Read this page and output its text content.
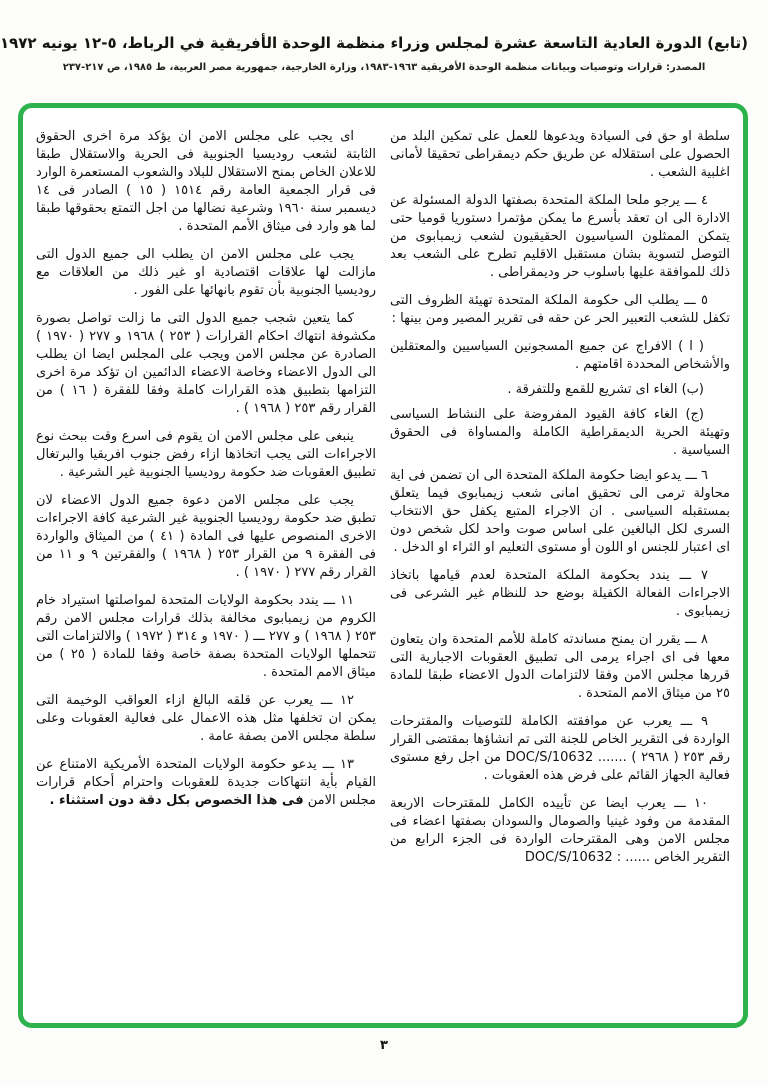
(تابع) الدورة العادية التاسعة عشرة لمجلس وزراء منظمة الوحدة الأفريقية في الرباط، ٥-١٢ يونيه ١٩٧٢
المصدر: قرارات وتوصيات وبيانات منظمة الوحدة الأفريقية ١٩٦٣-١٩٨٣، وزارة الخارجية، جمهورية مصر العربية، ط ١٩٨٥، ص ٢١٧-٢٣٧

سلطة او حق فى السيادة ويدعوها للعمل على تمكين البلد من الحصول على استقلاله عن طريق حكم ديمقراطى تحقيقا لأمانى اغلبية الشعب .

٤ ـــ يرجو ملحا الملكة المتحدة بصفتها الدولة المسئولة عن الادارة الى ان تعقد بأسرع ما يمكن مؤتمرا دستوريا قوميا حتى يتمكن الممثلون السياسيون الحقيقيون لشعب زيمبابوى من التوصل لتسوية بشان مستقبل الاقليم تطرح على الشعب بعد ذلك للموافقة عليها باسلوب حر وديمقراطى .

٥ ـــ يطلب الى حكومة الملكة المتحدة تهيئة الظروف التى تكفل للشعب التعبير الحر عن حقه فى تقرير المصير ومن بينها :

( ا ) الافراج عن جميع المسجونين السياسيين والمعتقلين والأشخاص المحددة اقامتهم .

(ب) الغاء اى تشريع للقمع وللتفرقة .

(ج) الغاء كافة القيود المفروضة على النشاط السياسى وتهيئة الحرية الديمقراطية الكاملة والمساواة فى الحقوق السياسية .

٦ ـــ يدعو ايضا حكومة الملكة المتحدة الى ان تضمن فى اية محاولة ترمى الى تحقيق امانى شعب زيمبابوى فيما يتعلق بمستقبله السياسى . ان الاجراء المتبع يكفل حق الانتخاب السرى لكل البالغين على اساس صوت واحد لكل شخص دون اى اعتبار للجنس او اللون أو مستوى التعليم او الثراء او الدخل .

٧ ـــ يندد بحكومة الملكة المتحدة لعدم قيامها باتخاذ الاجراءات الفعالة الكفيلة بوضع حد للنظام غير الشرعى فى زيمبابوى .

٨ ـــ يقرر ان يمنح مساندته كاملة للأمم المتحدة وان يتعاون معها فى اى اجراء يرمى الى تطبيق العقوبات الاجبارية التى قررها مجلس الامن وفقا لالتزامات الدول الاعضاء طبقا للمادة ٢٥ من ميثاق الامم المتحدة .

٩ ـــ يعرب عن موافقته الكاملة للتوصيات والمقترحات الواردة فى التقرير الخاص للجنة التى تم انشاؤها بمقتضى القرار رقم ٢٥٣ ( ٢٩٦٨ ) ....... DOC/S/10632 من اجل رفع مستوى فعالية الجهاز القائم على فرض هذه العقوبات .

١٠ ـــ يعرب ايضا عن تأييده الكامل للمقترحات الاربعة المقدمة من وفود غينيا والصومال والسودان بصفتها اعضاء فى مجلس الامن وهى المقترحات الواردة فى الجزء الرابع من التقرير الخاص ...... : DOC/S/10632

اى يجب على مجلس الامن ان يؤكد مرة اخرى الحقوق الثابتة لشعب روديسيا الجنوبية فى الحرية والاستقلال طبقا للاعلان الخاص بمنح الاستقلال للبلاد والشعوب المستعمرة الوارد فى قرار الجمعية العامة رقم ١٥١٤ ( ١٥ ) الصادر فى ١٤ ديسمبر سنة ١٩٦٠ وشرعية نضالها من اجل التمتع بحقوقها طبقا لما هو وارد فى ميثاق الأمم المتحدة .

يجب على مجلس الامن ان يطلب الى جميع الدول التى مازالت لها علاقات اقتصادية او غير ذلك من العلاقات مع روديسيا الجنوبية بأن تقوم بانهائها على الفور .

كما يتعين شجب جميع الدول التى ما زالت تواصل بصورة مكشوفة انتهاك احكام القرارات ( ٢٥٣ ) ١٩٦٨ و ٢٧٧ ( ١٩٧٠ ) الصادرة عن مجلس الامن ويجب على المجلس ايضا ان يطلب الى الدول الاعضاء وخاصة الاعضاء الدائمين ان تؤكد مرة اخرى التزامها بتطبيق هذه القرارات كاملة وفقا للفقرة ( ١٦ ) من القرار رقم ٢٥٣ ( ١٩٦٨ ) .

ينبغى على مجلس الامن ان يقوم فى اسرع وقت ببحث نوع الاجراءات التى يجب اتخاذها ازاء رفض جنوب افريقيا والبرتغال تطبيق العقوبات ضد حكومة روديسيا الجنوبية غير الشرعية .

يجب على مجلس الامن دعوة جميع الدول الاعضاء لان تطبق ضد حكومة روديسيا الجنوبية غير الشرعية كافة الاجراءات الاخرى المنصوص عليها فى المادة ( ٤١ ) من الميثاق والواردة فى الفقرة ٩ من القرار ٢٥٣ ( ١٩٦٨ ) والفقرتين ٩ و ١١ من القرار رقم ٢٧٧ ( ١٩٧٠ ) .

١١ ـــ يندد بحكومة الولايات المتحدة لمواصلتها استيراد خام الكروم من زيمبابوى مخالفة بذلك قرارات مجلس الامن رقم ٢٥٣ ( ١٩٦٨ ) و ٢٧٧ ـــ ( ١٩٧٠ و ٣١٤ ( ١٩٧٢ ) والالتزامات التى تتحملها الولايات المتحدة بصفة خاصة وفقا للمادة ( ٢٥ ) من ميثاق الامم المتحدة .

١٢ ـــ يعرب عن قلقه البالغ ازاء العواقب الوخيمة التى يمكن ان تخلفها مثل هذه الاعمال على فعالية العقوبات وعلى سلطة مجلس الامن بصفة عامة .

١٣ ـــ يدعو حكومة الولايات المتحدة الأمريكية الامتناع عن القيام بأية انتهاكات جديدة للعقوبات واحترام أحكام قرارات مجلس الامن فى هذا الخصوص بكل دقة دون استثناء .

٣
